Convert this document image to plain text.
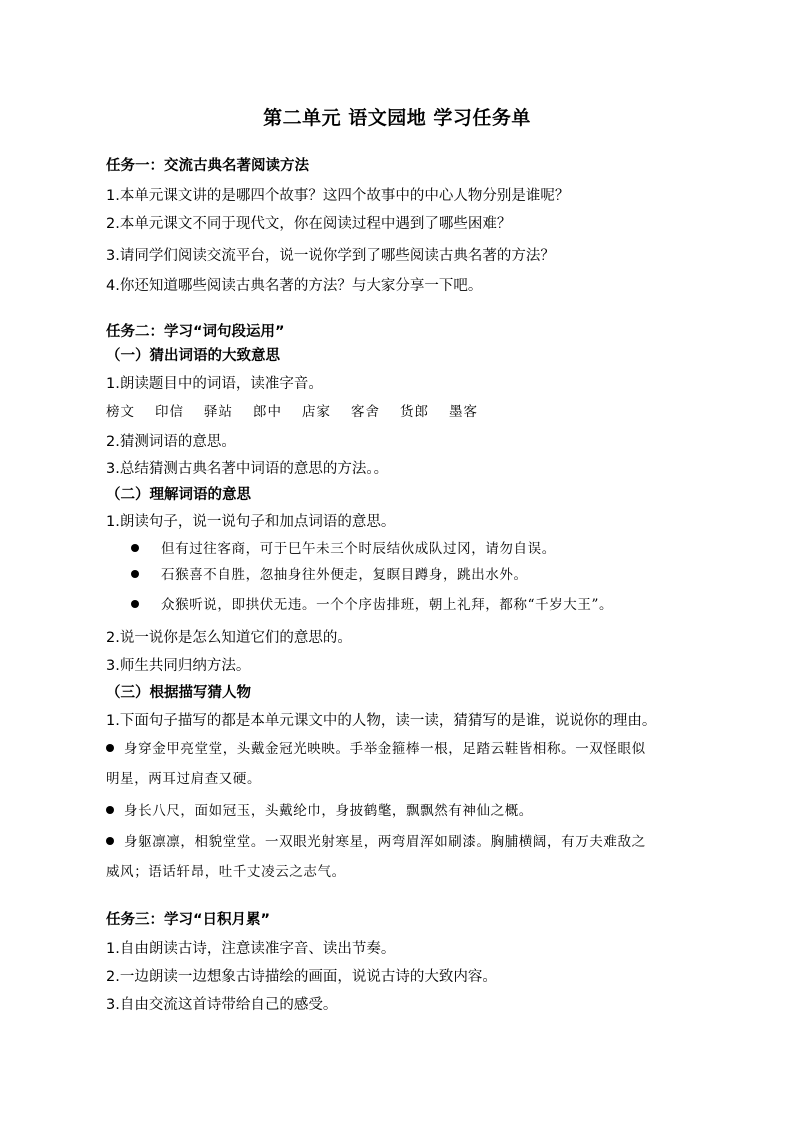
第二单元 语文园地 学习任务单
任务一：交流古典名著阅读方法
1.本单元课文讲的是哪四个故事？这四个故事中的中心人物分别是谁呢？
2.本单元课文不同于现代文，你在阅读过程中遇到了哪些困难？
3.请同学们阅读交流平台，说一说你学到了哪些阅读古典名著的方法？
4.你还知道哪些阅读古典名著的方法？与大家分享一下吧。
任务二：学习“词句段运用”
（一）猜出词语的大致意思
1.朗读题目中的词语，读准字音。
榜文 印信 驿站 郎中 店家 客舍 货郎 墨客
2.猜测词语的意思。
3.总结猜测古典名著中词语的意思的方法。。
（二）理解词语的意思
1.朗读句子，说一说句子和加点词语的意思。
但有过往客商，可于巳午未三个时辰结伙成队过冈，请勿自误。
石猴喜不自胜，忽抽身往外便走，复瞑目蹲身，跳出水外。
众猴听说，即拱伏无违。一个个序齿排班，朝上礼拜，都称“千岁大王”。
2.说一说你是怎么知道它们的意思的。
3.师生共同归纳方法。
（三）根据描写猜人物
1.下面句子描写的都是本单元课文中的人物，读一读，猜猜写的是谁，说说你的理由。
身穿金甲亮堂堂，头戴金冠光映映。手举金箍棒一根，足踏云鞋皆相称。一双怪眼似
明星，两耳过肩查又硬。
身长八尺，面如冠玉，头戴纶巾，身披鹤氅，飘飘然有神仙之概。
身躯凛凛，相貌堂堂。一双眼光射寒星，两弯眉浑如刷漆。胸脯横阔，有万夫难敌之
威风；语话轩昂，吐千丈凌云之志气。
任务三：学习“日积月累”
1.自由朗读古诗，注意读准字音、读出节奏。
2.一边朗读一边想象古诗描绘的画面，说说古诗的大致内容。
3.自由交流这首诗带给自己的感受。
